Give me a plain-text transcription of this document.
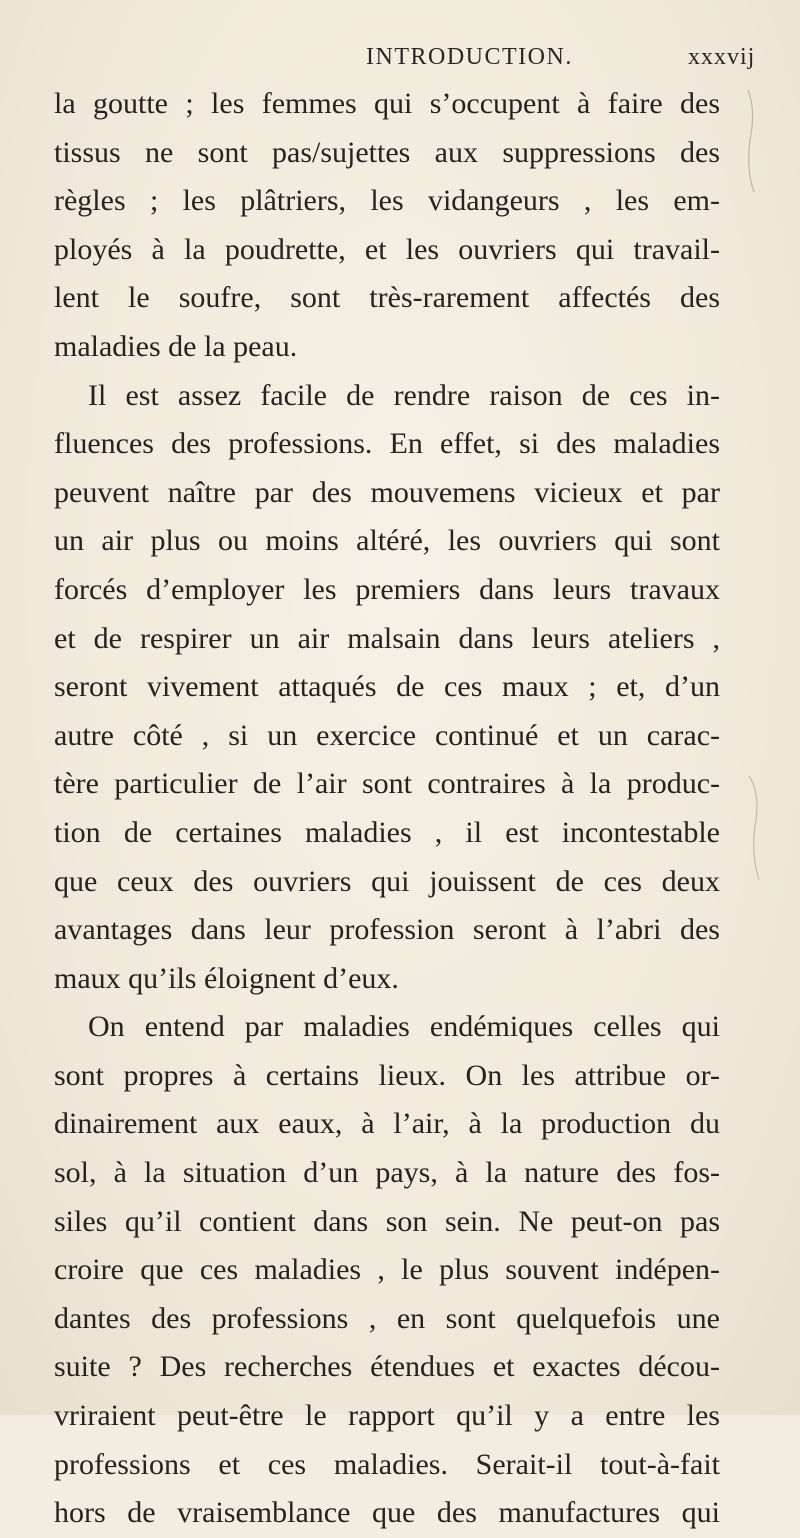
INTRODUCTION.	xxxvij
la goutte ; les femmes qui s’occupent à faire des
tissus ne sont pas/sujettes aux suppressions des
règles ; les plâtriers, les vidangeurs , les em-
ployés à la poudrette, et les ouvriers qui travail-
lent le soufre, sont très-rarement affectés des
maladies de la peau.
Il est assez facile de rendre raison de ces in-
fluences des professions. En effet, si des maladies
peuvent naître par des mouvemens vicieux et par
un air plus ou moins altéré, les ouvriers qui sont
forcés d’employer les premiers dans leurs travaux
et de respirer un air malsain dans leurs ateliers ,
seront vivement attaqués de ces maux ; et, d’un
autre côté , si un exercice continué et un carac-
tère particulier de l’air sont contraires à la produc-
tion de certaines maladies , il est incontestable
que ceux des ouvriers qui jouissent de ces deux
avantages dans leur profession seront à l’abri des
maux qu’ils éloignent d’eux.
On entend par maladies endémiques celles qui
sont propres à certains lieux. On les attribue or-
dinairement aux eaux, à l’air, à la production du
sol, à la situation d’un pays, à la nature des fos-
siles qu’il contient dans son sein. Ne peut-on pas
croire que ces maladies , le plus souvent indépen-
dantes des professions , en sont quelquefois une
suite ? Des recherches étendues et exactes décou-
vriraient peut-être le rapport qu’il y a entre les
professions et ces maladies. Serait-il tout-à-fait
hors de vraisemblance que des manufactures qui
